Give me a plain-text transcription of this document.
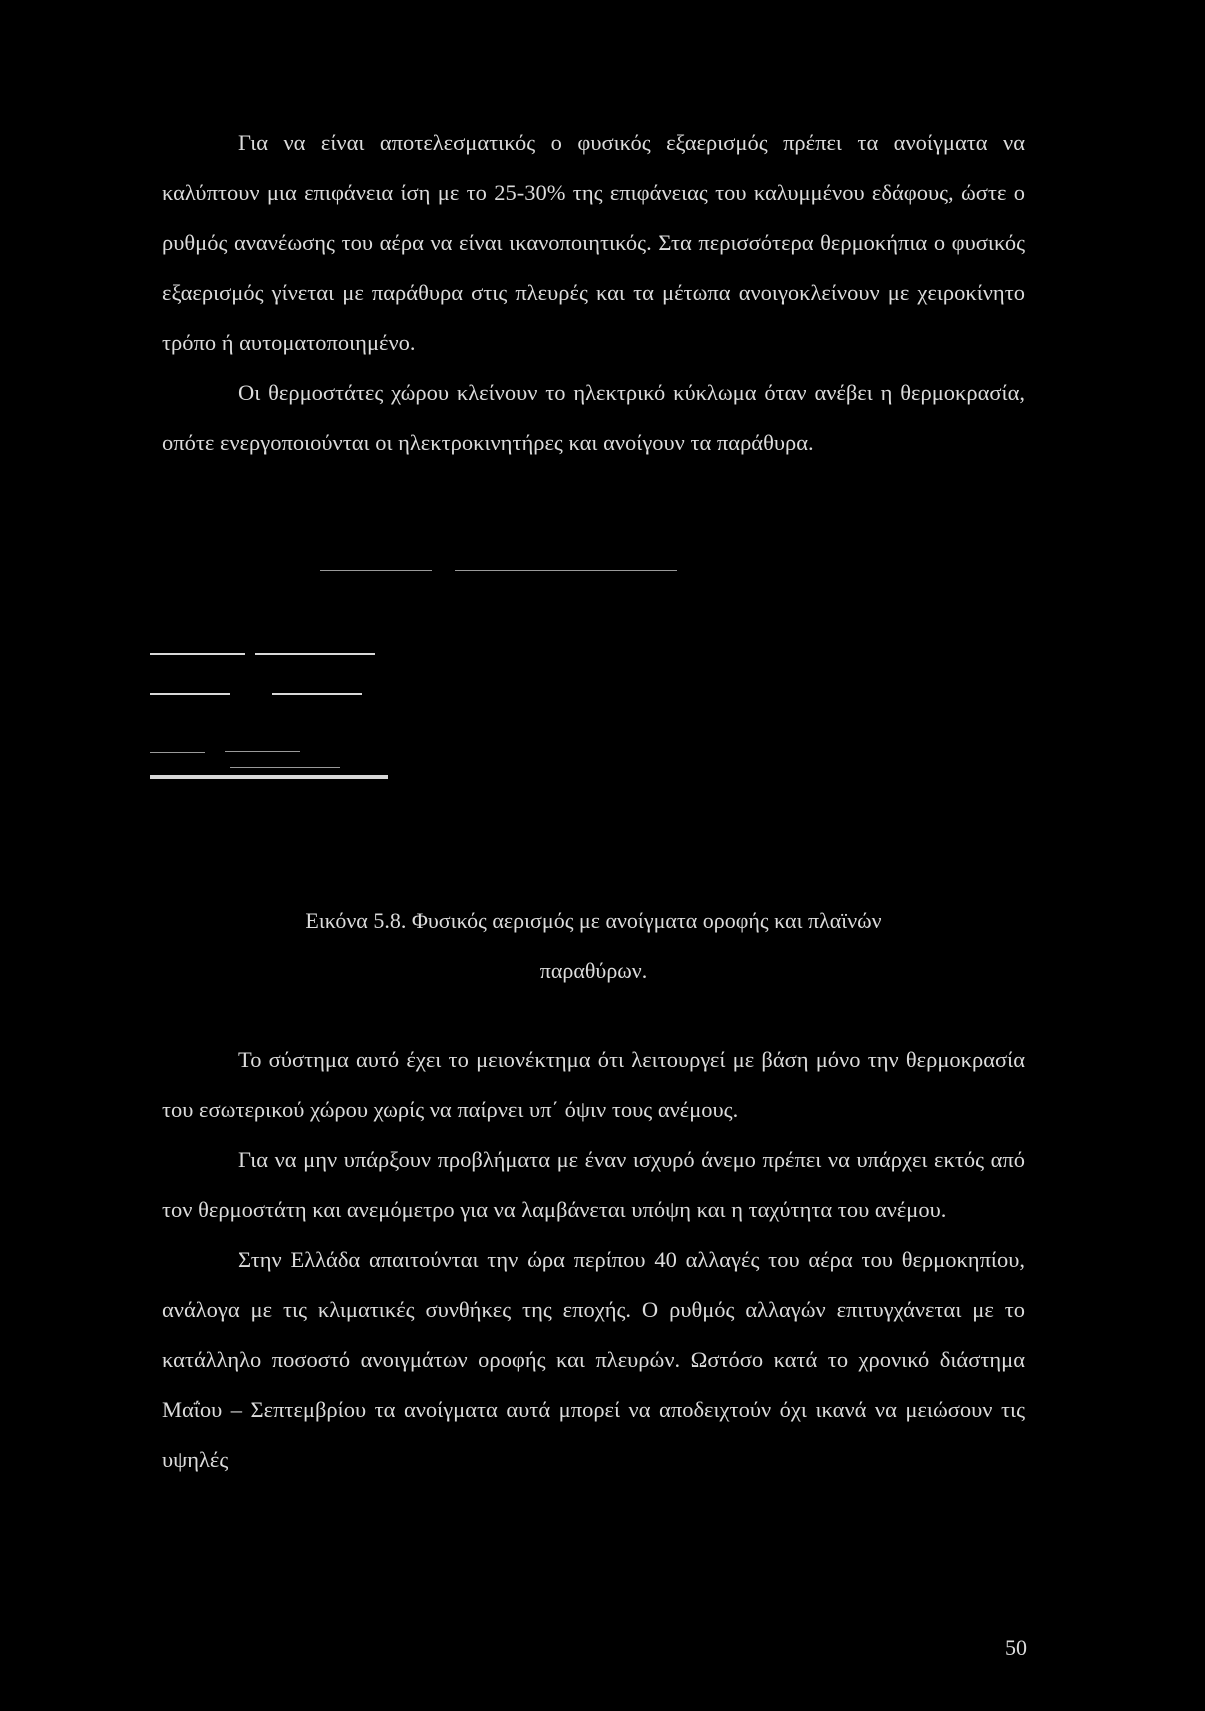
Για να είναι αποτελεσματικός ο φυσικός εξαερισμός πρέπει τα ανοίγματα να καλύπτουν μια επιφάνεια ίση με το 25-30% της επιφάνειας του καλυμμένου εδάφους, ώστε ο ρυθμός ανανέωσης του αέρα να είναι ικανοποιητικός. Στα περισσότερα θερμοκήπια ο φυσικός εξαερισμός γίνεται με παράθυρα στις πλευρές και τα μέτωπα ανοιγοκλείνουν με χειροκίνητο τρόπο ή αυτοματοποιημένο.

Οι θερμοστάτες χώρου κλείνουν το ηλεκτρικό κύκλωμα όταν ανέβει η θερμοκρασία, οπότε ενεργοποιούνται οι ηλεκτροκινητήρες και ανοίγουν τα παράθυρα.

Εικόνα 5.8. Φυσικός αερισμός με ανοίγματα οροφής και πλαϊνών
παραθύρων.

Το σύστημα αυτό έχει το μειονέκτημα ότι λειτουργεί με βάση μόνο την θερμοκρασία του εσωτερικού χώρου χωρίς να παίρνει υπ΄ όψιν τους ανέμους.

Για να μην υπάρξουν προβλήματα με έναν ισχυρό άνεμο πρέπει να υπάρχει εκτός από τον θερμοστάτη και ανεμόμετρο για να λαμβάνεται υπόψη και η ταχύτητα του ανέμου.

Στην Ελλάδα απαιτούνται την ώρα περίπου 40 αλλαγές του αέρα του θερμοκηπίου, ανάλογα με τις κλιματικές συνθήκες της εποχής. Ο ρυθμός αλλαγών επιτυγχάνεται με το κατάλληλο ποσοστό ανοιγμάτων οροφής και πλευρών. Ωστόσο κατά το χρονικό διάστημα Μαΐου – Σεπτεμβρίου τα ανοίγματα αυτά μπορεί να αποδειχτούν όχι ικανά να μειώσουν τις υψηλές

50
